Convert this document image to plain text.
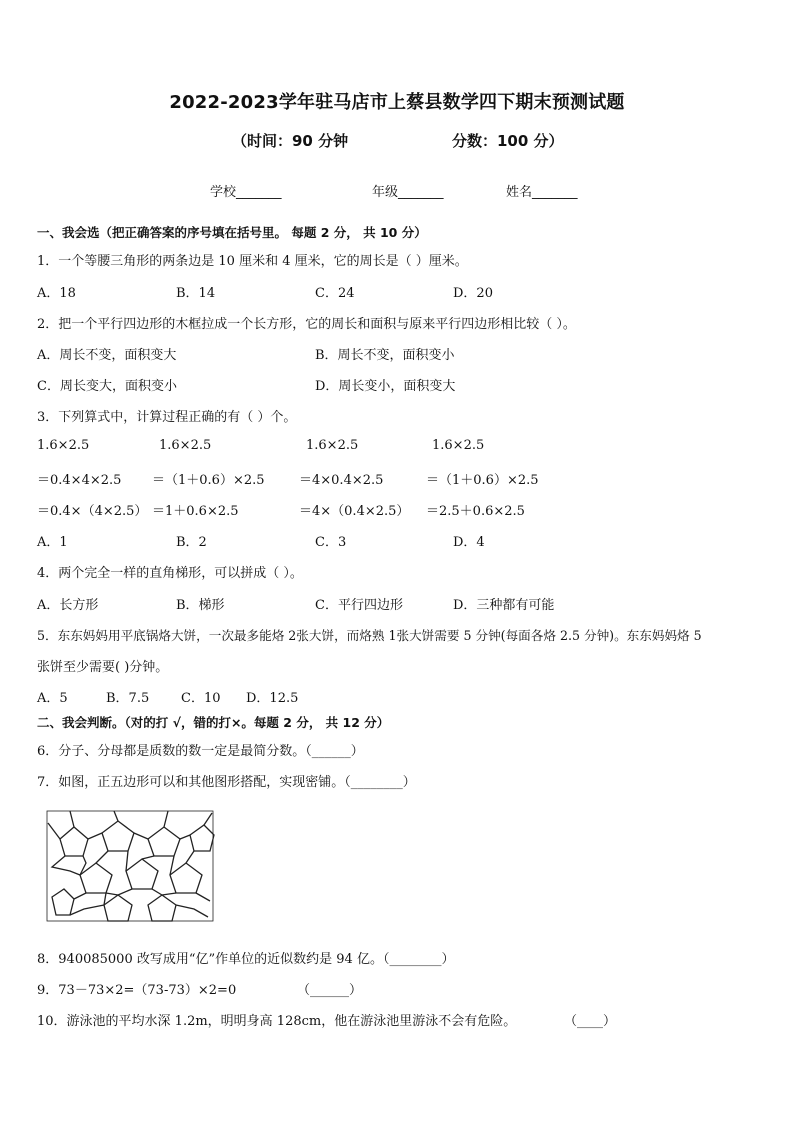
2022-2023学年驻马店市上蔡县数学四下期末预测试题
（时间：90 分钟	分数：100 分）
学校_______	年级_______	姓名_______
一、我会选（把正确答案的序号填在括号里。 每题 2 分， 共 10 分）
1．一个等腰三角形的两条边是 10 厘米和 4 厘米，它的周长是（ ）厘米。
A．18	B．14	C．24	D．20
2．把一个平行四边形的木框拉成一个长方形，它的周长和面积与原来平行四边形相比较（ ）。
A．周长不变，面积变大	B．周长不变，面积变小
C．周长变大，面积变小	D．周长变小，面积变大
3．下列算式中，计算过程正确的有（ ）个。
1.6×2.5	1.6×2.5	1.6×2.5	1.6×2.5
＝0.4×4×2.5 ＝（1＋0.6）×2.5	＝4×0.4×2.5	＝（1＋0.6）×2.5
＝0.4×（4×2.5） ＝1＋0.6×2.5	＝4×（0.4×2.5） ＝2.5＋0.6×2.5
A．1	B．2	C．3	D．4
4．两个完全一样的直角梯形，可以拼成（ ）。
A．长方形	B．梯形	C．平行四边形	D．三种都有可能
5．东东妈妈用平底锅烙大饼，一次最多能烙 2张大饼，而烙熟 1张大饼需要 5 分钟(每面各烙 2.5 分钟)。东东妈妈烙 5
张饼至少需要( )分钟。
A．5	B．7.5 C．10 D．12.5
二、我会判断。（对的打 √，错的打×。每题 2 分， 共 12 分）
6．分子、分母都是质数的数一定是最简分数。（______）
7．如图，正五边形可以和其他图形搭配，实现密铺。（________）
8．940085000 改写成用“亿”作单位的近似数约是 94 亿。（________）
9．73－73×2=（73-73）×2=0	（______）
10．游泳池的平均水深 1.2m，明明身高 128cm，他在游泳池里游泳不会有危险。	（____）
